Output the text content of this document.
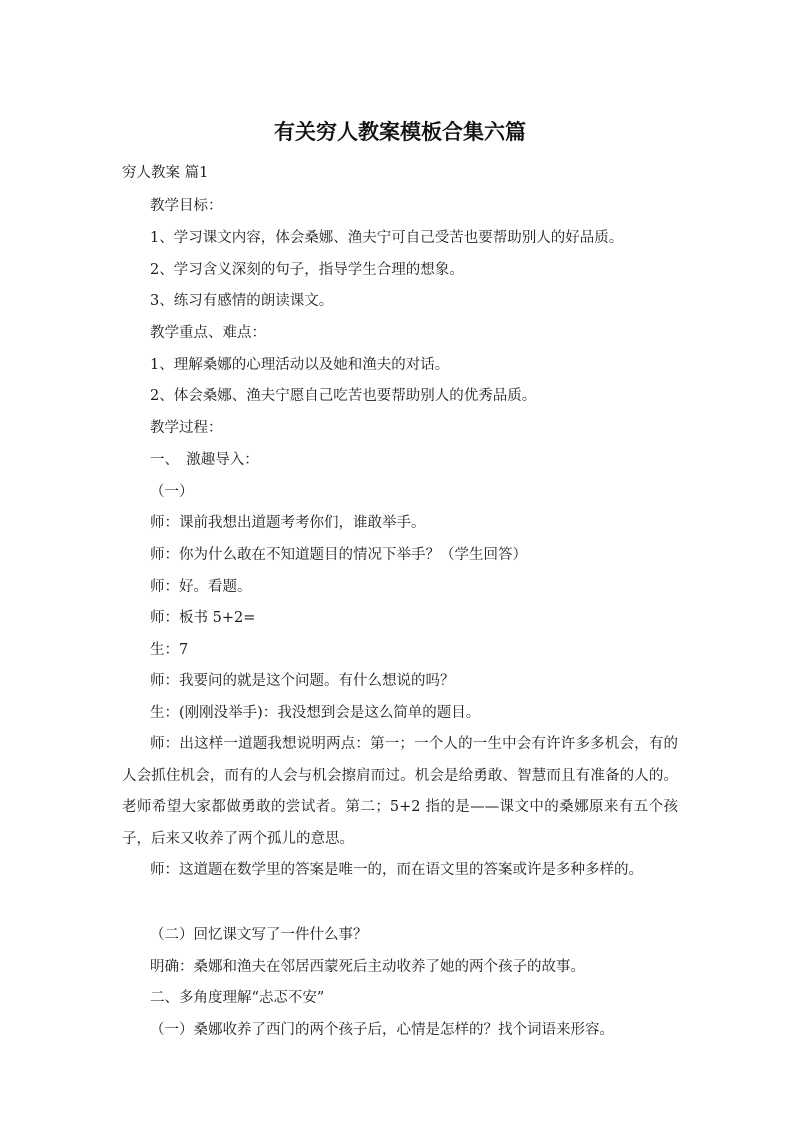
有关穷人教案模板合集六篇
穷人教案 篇1
教学目标：
1、学习课文内容，体会桑娜、渔夫宁可自己受苦也要帮助别人的好品质。
2、学习含义深刻的句子，指导学生合理的想象。
3、练习有感情的朗读课文。
教学重点、难点：
1、理解桑娜的心理活动以及她和渔夫的对话。
2、体会桑娜、渔夫宁愿自己吃苦也要帮助别人的优秀品质。
教学过程：
一、　激趣导入：
（一）
师：课前我想出道题考考你们，谁敢举手。
师：你为什么敢在不知道题目的情况下举手？（学生回答）
师：好。看题。
师：板书 5+2=
生：7
师：我要问的就是这个问题。有什么想说的吗？
生：(刚刚没举手)：我没想到会是这么简单的题目。
师：出这样一道题我想说明两点：第一；一个人的一生中会有许许多多机会，有的人会抓住机会，而有的人会与机会擦肩而过。机会是给勇敢、智慧而且有准备的人的。老师希望大家都做勇敢的尝试者。第二；5+2 指的是——课文中的桑娜原来有五个孩子，后来又收养了两个孤儿的意思。
师：这道题在数学里的答案是唯一的，而在语文里的答案或许是多种多样的。
（二）回忆课文写了一件什么事？
明确：桑娜和渔夫在邻居西蒙死后主动收养了她的两个孩子的故事。
二、多角度理解“忐忑不安”
（一）桑娜收养了西门的两个孩子后，心情是怎样的？找个词语来形容。
